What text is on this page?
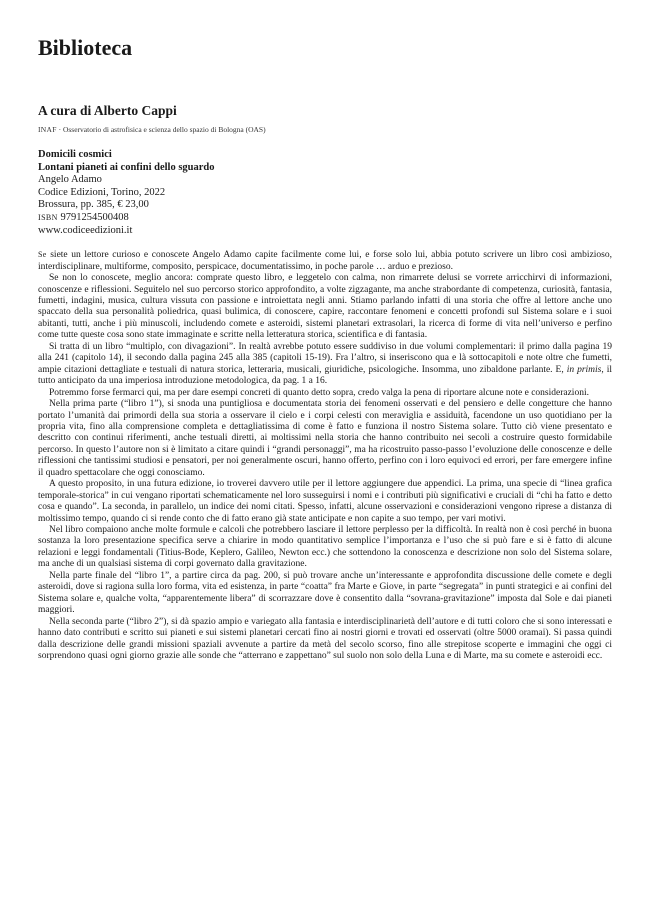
Biblioteca
A cura di Alberto Cappi
INAF · Osservatorio di astrofisica e scienza dello spazio di Bologna (OAS)
Domicili cosmici
Lontani pianeti ai confini dello sguardo
Angelo Adamo
Codice Edizioni, Torino, 2022
Brossura, pp. 385, € 23,00
ISBN 9791254500408
www.codiceedizioni.it

Se siete un lettore curioso e conoscete Angelo Adamo capite facilmente come lui, e forse solo lui, abbia potuto scrivere un libro così ambizioso, interdisciplinare, multiforme, composito, perspicace, documentatissimo, in poche parole … arduo e prezioso.

Se non lo conoscete, meglio ancora: comprate questo libro, e leggetelo con calma, non rimarrete delusi se vorrete arricchirvi di informazioni, conoscenze e riflessioni. Seguitelo nel suo percorso storico approfondito, a volte zigzagante, ma anche strabordante di competenza, curiosità, fantasia, fumetti, indagini, musica, cultura vissuta con passione e introiettata negli anni. Stiamo parlando infatti di una storia che offre al lettore anche uno spaccato della sua personalità poliedrica, quasi bulimica, di conoscere, capire, raccontare fenomeni e concetti profondi sul Sistema solare e i suoi abitanti, tutti, anche i più minuscoli, includendo comete e asteroidi, sistemi planetari extrasolari, la ricerca di forme di vita nell’universo e perfino come tutte queste cosa sono state immaginate e scritte nella letteratura storica, scientifica e di fantasia.

Si tratta di un libro “multiplo, con divagazioni”. In realtà avrebbe potuto essere suddiviso in due volumi complementari: il primo dalla pagina 19 alla 241 (capitolo 14), il secondo dalla pagina 245 alla 385 (capitoli 15-19). Fra l’altro, si inseriscono qua e là sottocapitoli e note oltre che fumetti, ampie citazioni dettagliate e testuali di natura storica, letteraria, musicali, giuridiche, psicologiche. Insomma, uno zibaldone parlante. E, in primis, il tutto anticipato da una imperiosa introduzione metodologica, da pag. 1 a 16.

Potremmo forse fermarci qui, ma per dare esempi concreti di quanto detto sopra, credo valga la pena di riportare alcune note e considerazioni.

Nella prima parte (“libro 1”), si snoda una puntigliosa e documentata storia dei fenomeni osservati e del pensiero e delle congetture che hanno portato l’umanità dai primordi della sua storia a osservare il cielo e i corpi celesti con meraviglia e assiduità, facendone un uso quotidiano per la propria vita, fino alla comprensione completa e dettagliatissima di come è fatto e funziona il nostro Sistema solare. Tutto ciò viene presentato e descritto con continui riferimenti, anche testuali diretti, ai moltissimi nella storia che hanno contribuito nei secoli a costruire questo formidabile percorso. In questo l’autore non si è limitato a citare quindi i “grandi personaggi”, ma ha ricostruito passo-passo l’evoluzione delle conoscenze e delle riflessioni che tantissimi studiosi e pensatori, per noi generalmente oscuri, hanno offerto, perfino con i loro equivoci ed errori, per fare emergere infine il quadro spettacolare che oggi conosciamo.

A questo proposito, in una futura edizione, io troverei davvero utile per il lettore aggiungere due appendici. La prima, una specie di “linea grafica temporale-storica” in cui vengano riportati schematicamente nel loro susseguirsi i nomi e i contributi più significativi e cruciali di “chi ha fatto e detto cosa e quando”. La seconda, in parallelo, un indice dei nomi citati. Spesso, infatti, alcune osservazioni e considerazioni vengono riprese a distanza di moltissimo tempo, quando ci si rende conto che di fatto erano già state anticipate e non capite a suo tempo, per vari motivi.

Nel libro compaiono anche molte formule e calcoli che potrebbero lasciare il lettore perplesso per la difficoltà. In realtà non è così perché in buona sostanza la loro presentazione specifica serve a chiarire in modo quantitativo semplice l’importanza e l’uso che si può fare e si è fatto di alcune relazioni e leggi fondamentali (Titius-Bode, Keplero, Galileo, Newton ecc.) che sottendono la conoscenza e descrizione non solo del Sistema solare, ma anche di un qualsiasi sistema di corpi governato dalla gravitazione.

Nella parte finale del “libro 1”, a partire circa da pag. 200, si può trovare anche un’interessante e approfondita discussione delle comete e degli asteroidi, dove si ragiona sulla loro forma, vita ed esistenza, in parte “coatta” fra Marte e Giove, in parte “segregata” in punti strategici e ai confini del Sistema solare e, qualche volta, “apparentemente libera” di scorrazzare dove è consentito dalla “sovrana-gravitazione” imposta dal Sole e dai pianeti maggiori.

Nella seconda parte (“libro 2”), si dà spazio ampio e variegato alla fantasia e interdisciplinarietà dell’autore e di tutti coloro che si sono interessati e hanno dato contributi e scritto sui pianeti e sui sistemi planetari cercati fino ai nostri giorni e trovati ed osservati (oltre 5000 oramai). Si passa quindi dalla descrizione delle grandi missioni spaziali avvenute a partire da metà del secolo scorso, fino alle strepitose scoperte e immagini che oggi ci sorprendono quasi ogni giorno grazie alle sonde che “atterrano e zappettano” sul suolo non solo della Luna e di Marte, ma su comete e asteroidi ecc.
